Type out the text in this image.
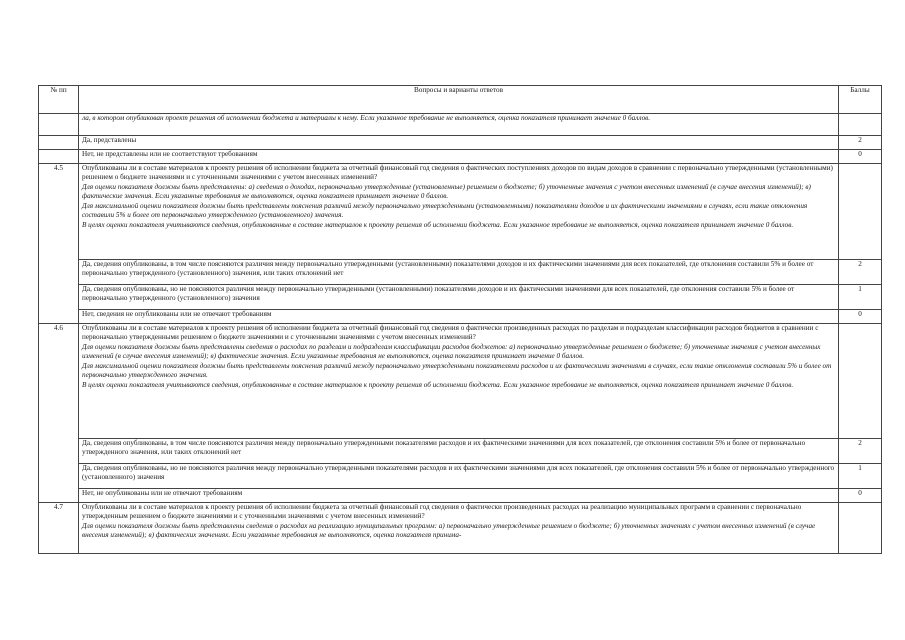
№ пп	Вопросы и варианты ответов	Баллы

	ла, в котором опубликован проект решения об исполнении бюджета и материалы к нему. Если указанное требование не выполняется, оценка показателя принимает значение 0 баллов.	

	Да, представлены	2
	Нет, не представлены или не соответствуют требованиям	0
4.5	Опубликованы ли в составе материалов к проекту решения об исполнении бюджета за отчетный финансовый год сведения о фактических поступлениях доходов по видам доходов в сравнении с первоначально утвержденными (установленными) решением о бюджете значениями и с уточненными значениями с учетом внесенных изменений?
Для оценки показателя должны быть представлены: а) сведения о доходах, первоначально утвержденные (установленные) решением о бюджете; б) уточненные значения с учетом внесенных изменений (в случае внесения изменений); в) фактические значения. Если указанные требования не выполняются, оценка показателя принимает значение 0 баллов.
Для максимальной оценки показателя должны быть представлены пояснения различий между первоначально утвержденными (установленными) показателями доходов и их фактическими значениями в случаях, если такие отклонения составили 5% и более от первоначально утвержденного (установленного) значения.
В целях оценки показателя учитываются сведения, опубликованные в составе материалов к проекту решения об исполнении бюджета. Если указанное требование не выполняется, оценка показателя принимает значение 0 баллов.	

	Да, сведения опубликованы, в том числе поясняются различия между первоначально утвержденными (установленными) показателями доходов и их фактическими значениями для всех показателей, где отклонения составили 5% и более от первоначально утвержденного (установленного) значения, или таких отклонений нет	2
	Да, сведения опубликованы, но не поясняются различия между первоначально утвержденными (установленными) показателями доходов и их фактическими значениями для всех показателей, где отклонения составили 5% и более от первоначально утвержденного (установленного) значения	1
	Нет, сведения не опубликованы или не отвечают требованиям	0
4.6	Опубликованы ли в составе материалов к проекту решения об исполнении бюджета за отчетный финансовый год сведения о фактически произведенных расходах по разделам и подразделам классификации расходов бюджетов в сравнении с первоначально утвержденными решением о бюджете значениями и с уточненными значениями с учетом внесенных изменений?
Для оценки показателя должны быть представлены сведения о расходах по разделам и подразделам классификации расходов бюджетов: а) первоначально утвержденные решением о бюджете; б) уточненные значения с учетом внесенных изменений (в случае внесения изменений); в) фактические значения. Если указанные требования не выполняются, оценка показателя принимает значение 0 баллов.
Для максимальной оценки показателя должны быть представлены пояснения различий между первоначально утвержденными показателями расходов и их фактическими значениями в случаях, если такие отклонения составили 5% и более от первоначально утвержденного значения.
В целях оценки показателя учитываются сведения, опубликованные в составе материалов к проекту решения об исполнении бюджета. Если указанное требование не выполняется, оценка показателя принимает значение 0 баллов.	

	Да, сведения опубликованы, в том числе поясняются различия между первоначально утвержденными показателями расходов и их фактическими значениями для всех показателей, где отклонения составили 5% и более от первоначально утвержденного значения, или таких отклонений нет	2
	Да, сведения опубликованы, но не поясняются различия между первоначально утвержденными показателями расходов и их фактическими значениями для всех показателей, где отклонения составили 5% и более от первоначально утвержденного (установленного) значения	1
	Нет, не опубликованы или не отвечают требованиям	0
4.7	Опубликованы ли в составе материалов к проекту решения об исполнении бюджета за отчетный финансовый год сведения о фактически произведенных расходах на реализацию муниципальных программ в сравнении с первоначально утвержденным решением о бюджете значениями и с уточненными значениями с учетом внесенных изменений?
Для оценки показателя должны быть представлены сведения о расходах на реализацию муниципальных программ: а) первоначально утвержденные решением о бюджете; б) уточненных значениях с учетом внесенных изменений (в случае внесения изменений); в) фактических значениях. Если указанные требования не выполняются, оценка показателя принима-	
